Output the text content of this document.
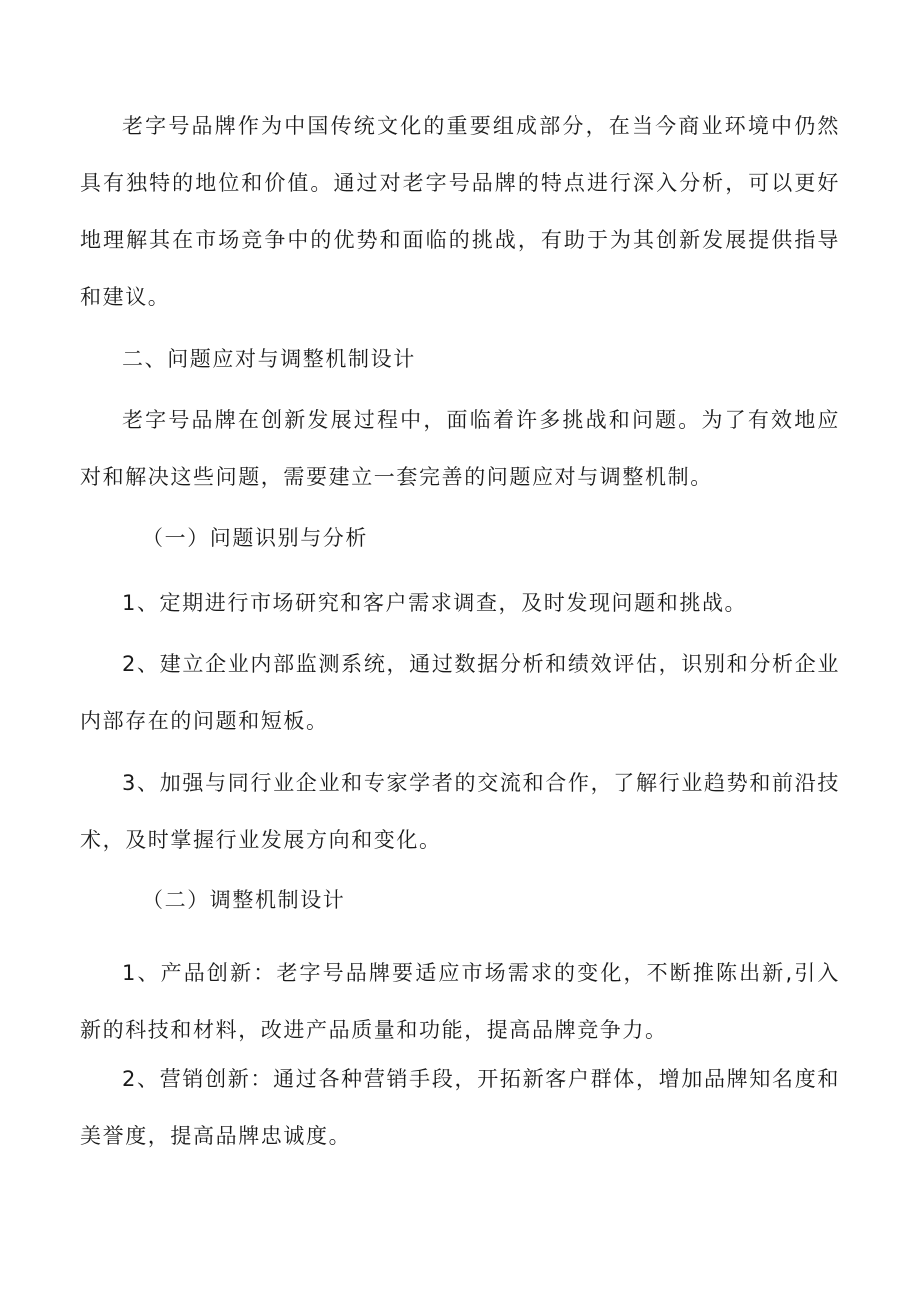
老字号品牌作为中国传统文化的重要组成部分，在当今商业环境中仍然具有独特的地位和价值。通过对老字号品牌的特点进行深入分析，可以更好地理解其在市场竞争中的优势和面临的挑战，有助于为其创新发展提供指导和建议。

二、问题应对与调整机制设计

老字号品牌在创新发展过程中，面临着许多挑战和问题。为了有效地应对和解决这些问题，需要建立一套完善的问题应对与调整机制。

（一）问题识别与分析

1、定期进行市场研究和客户需求调查，及时发现问题和挑战。

2、建立企业内部监测系统，通过数据分析和绩效评估，识别和分析企业内部存在的问题和短板。

3、加强与同行业企业和专家学者的交流和合作，了解行业趋势和前沿技术，及时掌握行业发展方向和变化。

（二）调整机制设计

1、产品创新：老字号品牌要适应市场需求的变化，不断推陈出新,引入新的科技和材料，改进产品质量和功能，提高品牌竞争力。

2、营销创新：通过各种营销手段，开拓新客户群体，增加品牌知名度和美誉度，提高品牌忠诚度。
